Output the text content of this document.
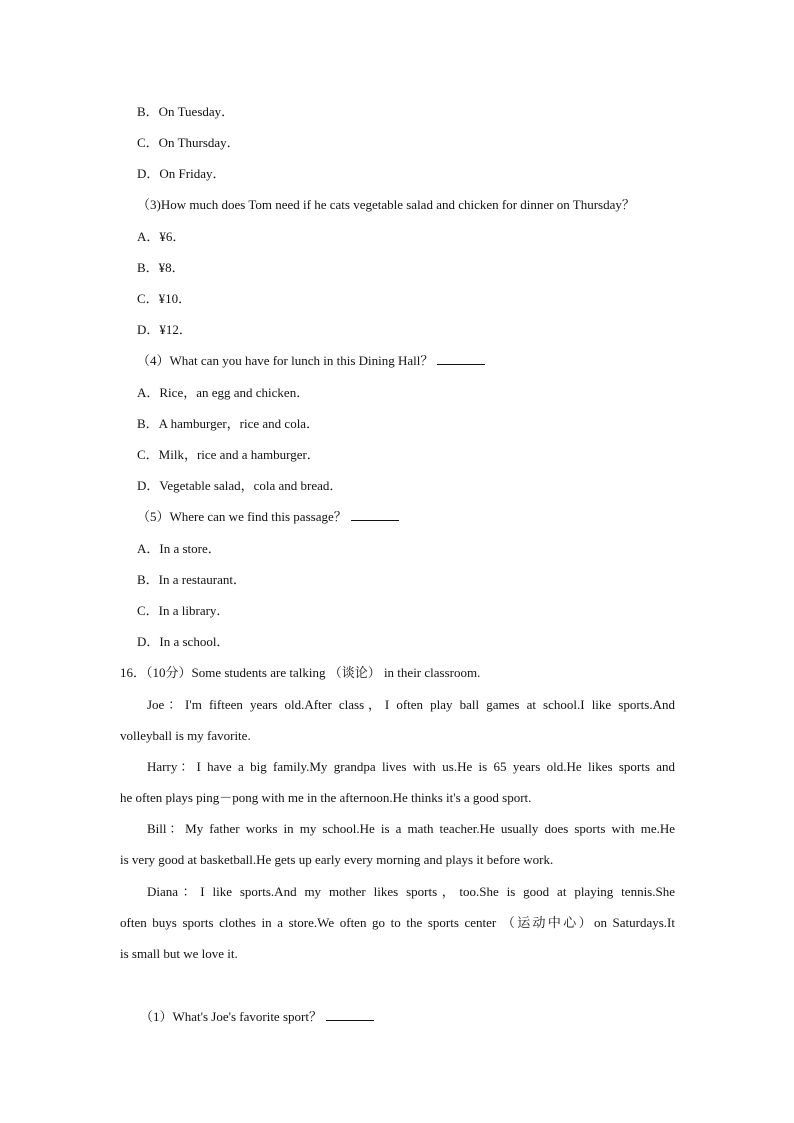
B．On Tuesday．
C．On Thursday．
D．On Friday．
（3)How much does Tom need if he cats vegetable salad and chicken for dinner on Thursday？
A．¥6．
B．¥8．
C．¥10．
D．¥12．
（4）What can you have for lunch in this Dining Hall？
A．Rice，an egg and chicken．
B．A hamburger，rice and cola．
C．Milk，rice and a hamburger．
D．Vegetable salad，cola and bread．
（5）Where can we find this passage？
A．In a store．
B．In a restaurant．
C．In a library．
D．In a school．
16．（10分）Some students are talking （谈论） in their classroom.
Joe：I'm fifteen years old.After class，I often play ball games at school.I like sports.And
volleyball is my favorite.
Harry：I have a big family.My grandpa lives with us.He is 65 years old.He likes sports and
he often plays ping－pong with me in the afternoon.He thinks it's a good sport.
Bill：My father works in my school.He is a math teacher.He usually does sports with me.He
is very good at basketball.He gets up early every morning and plays it before work.
Diana：I like sports.And my mother likes sports，too.She is good at playing tennis.She
often buys sports clothes in a store.We often go to the sports center （运动中心）on Saturdays.It
is small but we love it.
（1）What's Joe's favorite sport？
